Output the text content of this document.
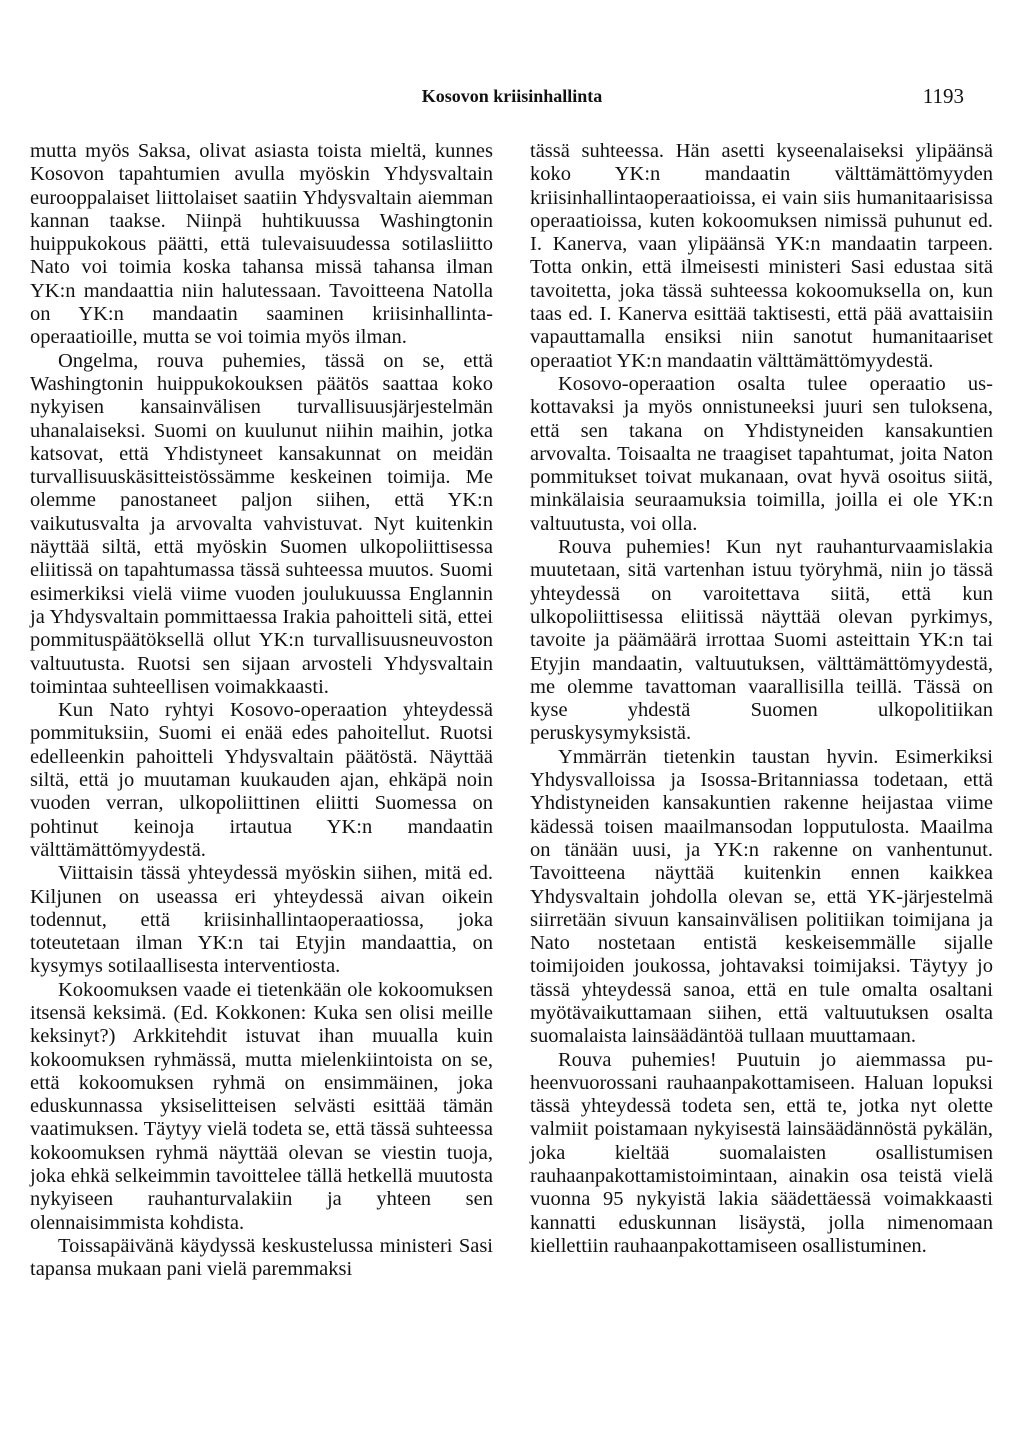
Kosovon kriisinhallinta	1193

mutta myös Saksa, olivat asiasta toista mieltä, kunnes Kosovon tapahtumien avulla myöskin Yhdysvaltain eurooppalaiset liittolaiset saatiin Yhdysvaltain aiemman kannan taakse. Niinpä huhtikuussa Washingtonin huippukokous päätti, että tulevaisuudessa sotilasliitto Nato voi toimia koska tahansa missä tahansa ilman YK:n mandaattia niin halutessaan. Tavoitteena Natolla on YK:n mandaatin saaminen kriisinhallintaoperaatioille, mutta se voi toimia myös ilman.

Ongelma, rouva puhemies, tässä on se, että Washingtonin huippukokouksen päätös saattaa koko nykyisen kansainvälisen turvallisuusjärjestelmän uhanalaiseksi. Suomi on kuulunut niihin maihin, jotka katsovat, että Yhdistyneet kansakunnat on meidän turvallisuuskäsitteistössämme keskeinen toimija. Me olemme panostaneet paljon siihen, että YK:n vaikutusvalta ja arvovalta vahvistuvat. Nyt kuitenkin näyttää siltä, että myöskin Suomen ulkopoliittisessa eliitissä on tapahtumassa tässä suhteessa muutos. Suomi esimerkiksi vielä viime vuoden joulukuussa Englannin ja Yhdysvaltain pommittaessa Irakia pahoitteli sitä, ettei pommituspäätöksellä ollut YK:n turvallisuusneuvoston valtuutusta. Ruotsi sen sijaan arvosteli Yhdysvaltain toimintaa suhteellisen voimakkaasti.

Kun Nato ryhtyi Kosovo-operaation yhteydessä pommituksiin, Suomi ei enää edes pahoitellut. Ruotsi edelleenkin pahoitteli Yhdysvaltain päätöstä. Näyttää siltä, että jo muutaman kuukauden ajan, ehkäpä noin vuoden verran, ulkopoliittinen eliitti Suomessa on pohtinut keinoja irtautua YK:n mandaatin välttämättömyydestä.

Viittaisin tässä yhteydessä myöskin siihen, mitä ed. Kiljunen on useassa eri yhteydessä aivan oikein todennut, että kriisinhallintaoperaatiossa, joka toteutetaan ilman YK:n tai Etyjin mandaattia, on kysymys sotilaallisesta interventiosta.

Kokoomuksen vaade ei tietenkään ole kokoomuksen itsensä keksimä. (Ed. Kokkonen: Kuka sen olisi meille keksinyt?) Arkkitehdit istuvat ihan muualla kuin kokoomuksen ryhmässä, mutta mielenkiintoista on se, että kokoomuksen ryhmä on ensimmäinen, joka eduskunnassa yksiselitteisen selvästi esittää tämän vaatimuksen. Täytyy vielä todeta se, että tässä suhteessa kokoomuksen ryhmä näyttää olevan se viestin tuoja, joka ehkä selkeimmin tavoittelee tällä hetkellä muutosta nykyiseen rauhanturvalakiin ja yhteen sen olennaisimmista kohdista.

Toissapäivänä käydyssä keskustelussa ministeri Sasi tapansa mukaan pani vielä paremmaksi

tässä suhteessa. Hän asetti kyseenalaiseksi ylipäänsä koko YK:n mandaatin välttämättömyyden kriisinhallintaoperaatioissa, ei vain siis humanitaarisissa operaatioissa, kuten kokoomuksen nimissä puhunut ed. I. Kanerva, vaan ylipäänsä YK:n mandaatin tarpeen. Totta onkin, että ilmeisesti ministeri Sasi edustaa sitä tavoitetta, joka tässä suhteessa kokoomuksella on, kun taas ed. I. Kanerva esittää taktisesti, että pää avattaisiin vapauttamalla ensiksi niin sanotut humanitaariset operaatiot YK:n mandaatin välttämättömyydestä.

Kosovo-operaation osalta tulee operaatio uskottavaksi ja myös onnistuneeksi juuri sen tuloksena, että sen takana on Yhdistyneiden kansakuntien arvovalta. Toisaalta ne traagiset tapahtumat, joita Naton pommitukset toivat mukanaan, ovat hyvä osoitus siitä, minkälaisia seuraamuksia toimilla, joilla ei ole YK:n valtuutusta, voi olla.

Rouva puhemies! Kun nyt rauhanturvaamislakia muutetaan, sitä vartenhan istuu työryhmä, niin jo tässä yhteydessä on varoitettava siitä, että kun ulkopoliittisessa eliitissä näyttää olevan pyrkimys, tavoite ja päämäärä irrottaa Suomi asteittain YK:n tai Etyjin mandaatin, valtuutuksen, välttämättömyydestä, me olemme tavattoman vaarallisilla teillä. Tässä on kyse yhdestä Suomen ulkopolitiikan peruskysymyksistä.

Ymmärrän tietenkin taustan hyvin. Esimerkiksi Yhdysvalloissa ja Isossa-Britanniassa todetaan, että Yhdistyneiden kansakuntien rakenne heijastaa viime kädessä toisen maailmansodan lopputulosta. Maailma on tänään uusi, ja YK:n rakenne on vanhentunut. Tavoitteena näyttää kuitenkin ennen kaikkea Yhdysvaltain johdolla olevan se, että YK-järjestelmä siirretään sivuun kansainvälisen politiikan toimijana ja Nato nostetaan entistä keskeisemmälle sijalle toimijoiden joukossa, johtavaksi toimijaksi. Täytyy jo tässä yhteydessä sanoa, että en tule omalta osaltani myötävaikuttamaan siihen, että valtuutuksen osalta suomalaista lainsäädäntöä tullaan muuttamaan.

Rouva puhemies! Puutuin jo aiemmassa puheenvuorossani rauhaanpakottamiseen. Haluan lopuksi tässä yhteydessä todeta sen, että te, jotka nyt olette valmiit poistamaan nykyisestä lainsäädännöstä pykälän, joka kieltää suomalaisten osallistumisen rauhaanpakottamistoimintaan, ainakin osa teistä vielä vuonna 95 nykyistä lakia säädettäessä voimakkaasti kannatti eduskunnan lisäystä, jolla nimenomaan kiellettiin rauhaanpakottamiseen osallistuminen.
